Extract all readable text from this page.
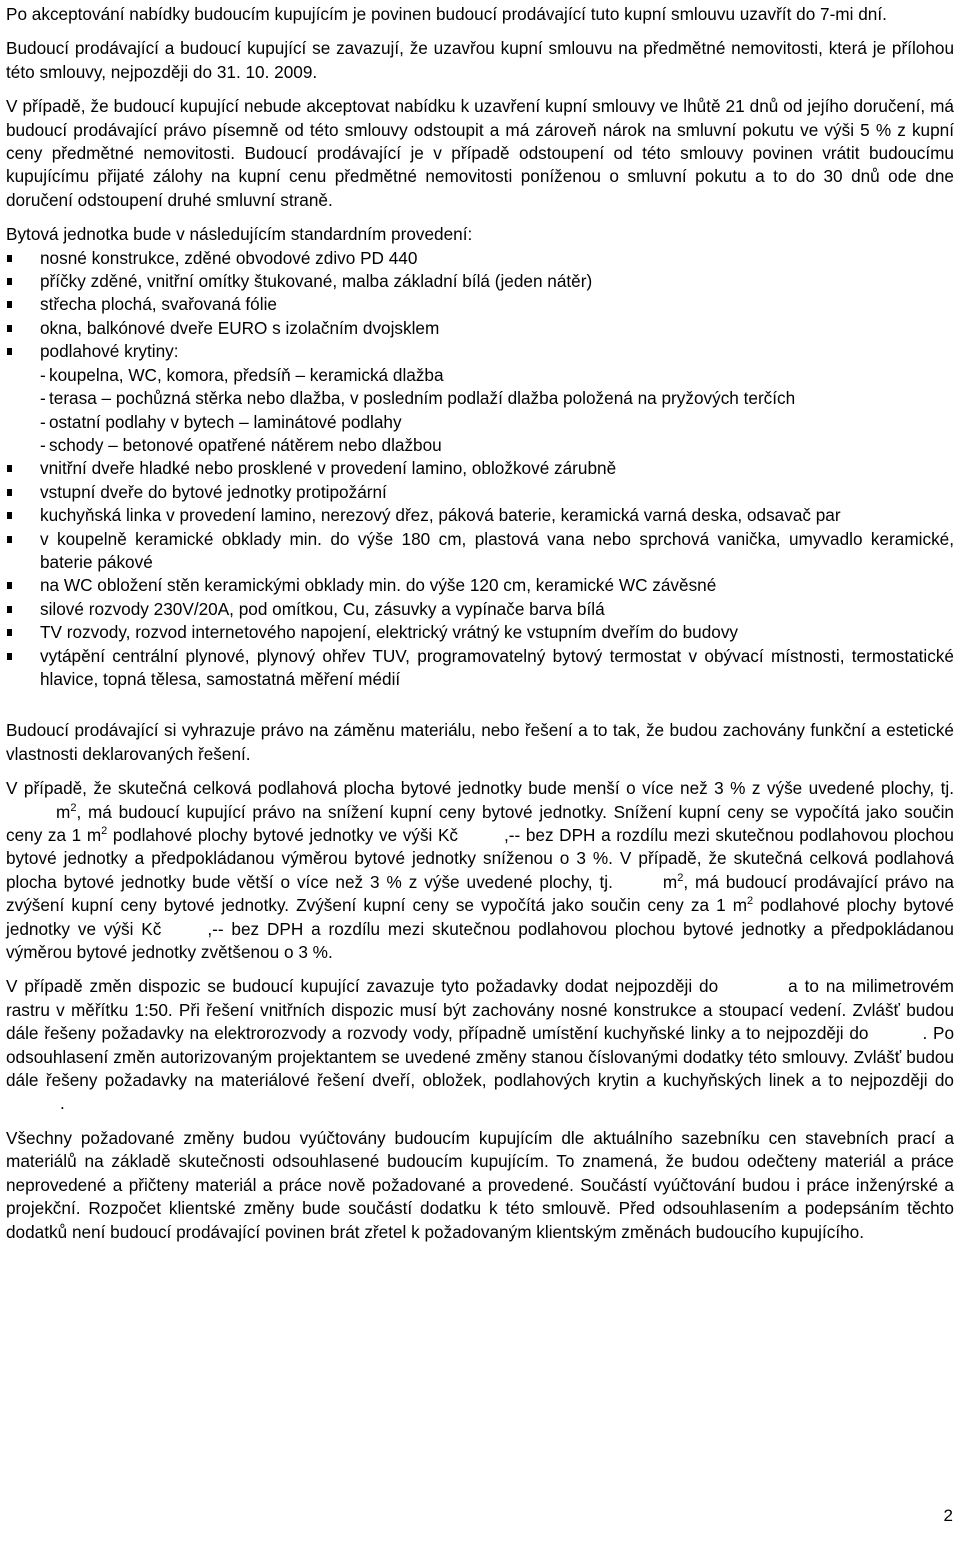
Po akceptování nabídky budoucím kupujícím je povinen budoucí prodávající tuto kupní smlouvu uzavřít do 7-mi dní.

Budoucí prodávající a budoucí kupující se zavazují, že uzavřou kupní smlouvu na předmětné nemovitosti, která je přílohou této smlouvy, nejpozději do 31. 10. 2009.

V případě, že budoucí kupující nebude akceptovat nabídku k uzavření kupní smlouvy ve lhůtě 21 dnů od jejího doručení, má budoucí prodávající právo písemně od této smlouvy odstoupit a má zároveň nárok na smluvní pokutu ve výši 5 % z kupní ceny předmětné nemovitosti. Budoucí prodávající je v případě odstoupení od této smlouvy povinen vrátit budoucímu kupujícímu přijaté zálohy na kupní cenu předmětné nemovitosti poníženou o smluvní pokutu a to do 30 dnů ode dne doručení odstoupení druhé smluvní straně.

Bytová jednotka bude v následujícím standardním provedení:

nosné konstrukce, zděné obvodové zdivo PD 440
příčky zděné, vnitřní omítky štukované, malba základní bílá (jeden nátěr)
střecha plochá, svařovaná fólie
okna, balkónové dveře EURO s izolačním dvojsklem
podlahové krytiny:
- koupelna, WC, komora, předsíň – keramická dlažba
- terasa – pochůzná stěrka nebo dlažba, v posledním podlaží dlažba položená na pryžových terčích
- ostatní podlahy v bytech – laminátové podlahy
- schody – betonové opatřené nátěrem nebo dlažbou
vnitřní dveře hladké nebo prosklené v provedení lamino, obložkové zárubně
vstupní dveře do bytové jednotky protipožární
kuchyňská linka v provedení lamino, nerezový dřez, páková baterie, keramická varná deska, odsavač par
v koupelně keramické obklady min. do výše 180 cm, plastová vana nebo sprchová vanička, umyvadlo keramické, baterie pákové
na WC obložení stěn keramickými obklady min. do výše 120 cm, keramické WC závěsné
silové rozvody 230V/20A, pod omítkou, Cu, zásuvky a vypínače barva bílá
TV rozvody, rozvod internetového napojení, elektrický vrátný ke vstupním dveřím do budovy
vytápění centrální plynové, plynový ohřev TUV, programovatelný bytový termostat v obývací místnosti, termostatické hlavice, topná tělesa, samostatná měření médií

Budoucí prodávající si vyhrazuje právo na záměnu materiálu, nebo řešení a to tak, že budou zachovány funkční a estetické vlastnosti deklarovaných řešení.

V případě, že skutečná celková podlahová plocha bytové jednotky bude menší o více než 3 % z výše uvedené plochy, $tj.m^2$, má budoucí kupující právo na snížení kupní ceny bytové jednotky. Snížení kupní ceny se vypočítá jako součin ceny za 1 $m^2$ podlahové plochy bytové jednotky ve výši Kč	,-- bez DPH a rozdílu mezi skutečnou podlahovou plochou bytové jednotky a předpokládanou výměrou bytové jednotky sníženou o 3 %. V případě, že skutečná celková podlahová plocha bytové jednotky bude větší o více než 3 % z výše uvedené plochy, tj.	$m^2$, má budoucí prodávající právo na zvýšení kupní ceny bytové jednotky. Zvýšení kupní ceny se vypočítá jako součin ceny za 1 $m^2$ podlahové plochy bytové jednotky ve výši Kč	,-- bez DPH a rozdílu mezi skutečnou podlahovou plochou bytové jednotky a předpokládanou výměrou bytové jednotky zvětšenou o 3 %.

V případě změn dispozic se budoucí kupující zavazuje tyto požadavky dodat nejpozději do	a to na milimetrovém rastru v měřítku 1:50. Při řešení vnitřních dispozic musí být zachovány nosné konstrukce a stoupací vedení. Zvlášť budou dále řešeny požadavky na elektrorozvody a rozvody vody, případně umístění kuchyňské linky a to nejpozději do	. Po odsouhlasení změn autorizovaným projektantem se uvedené změny stanou číslovanými dodatky této smlouvy. Zvlášť budou dále řešeny požadavky na materiálové řešení dveří, obložek, podlahových krytin a kuchyňských linek a to nejpozději do.

Všechny požadované změny budou vyúčtovány budoucím kupujícím dle aktuálního sazebníku cen stavebních prací a materiálů na základě skutečnosti odsouhlasené budoucím kupujícím. To znamená, že budou odečteny materiál a práce neprovedené a přičteny materiál a práce nově požadované a provedené. Součástí vyúčtování budou i práce inženýrské a projekční. Rozpočet klientské změny bude součástí dodatku k této smlouvě. Před odsouhlasením a podepsáním těchto dodatků není budoucí prodávající povinen brát zřetel k požadovaným klientským změnách budoucího kupujícího.

2
